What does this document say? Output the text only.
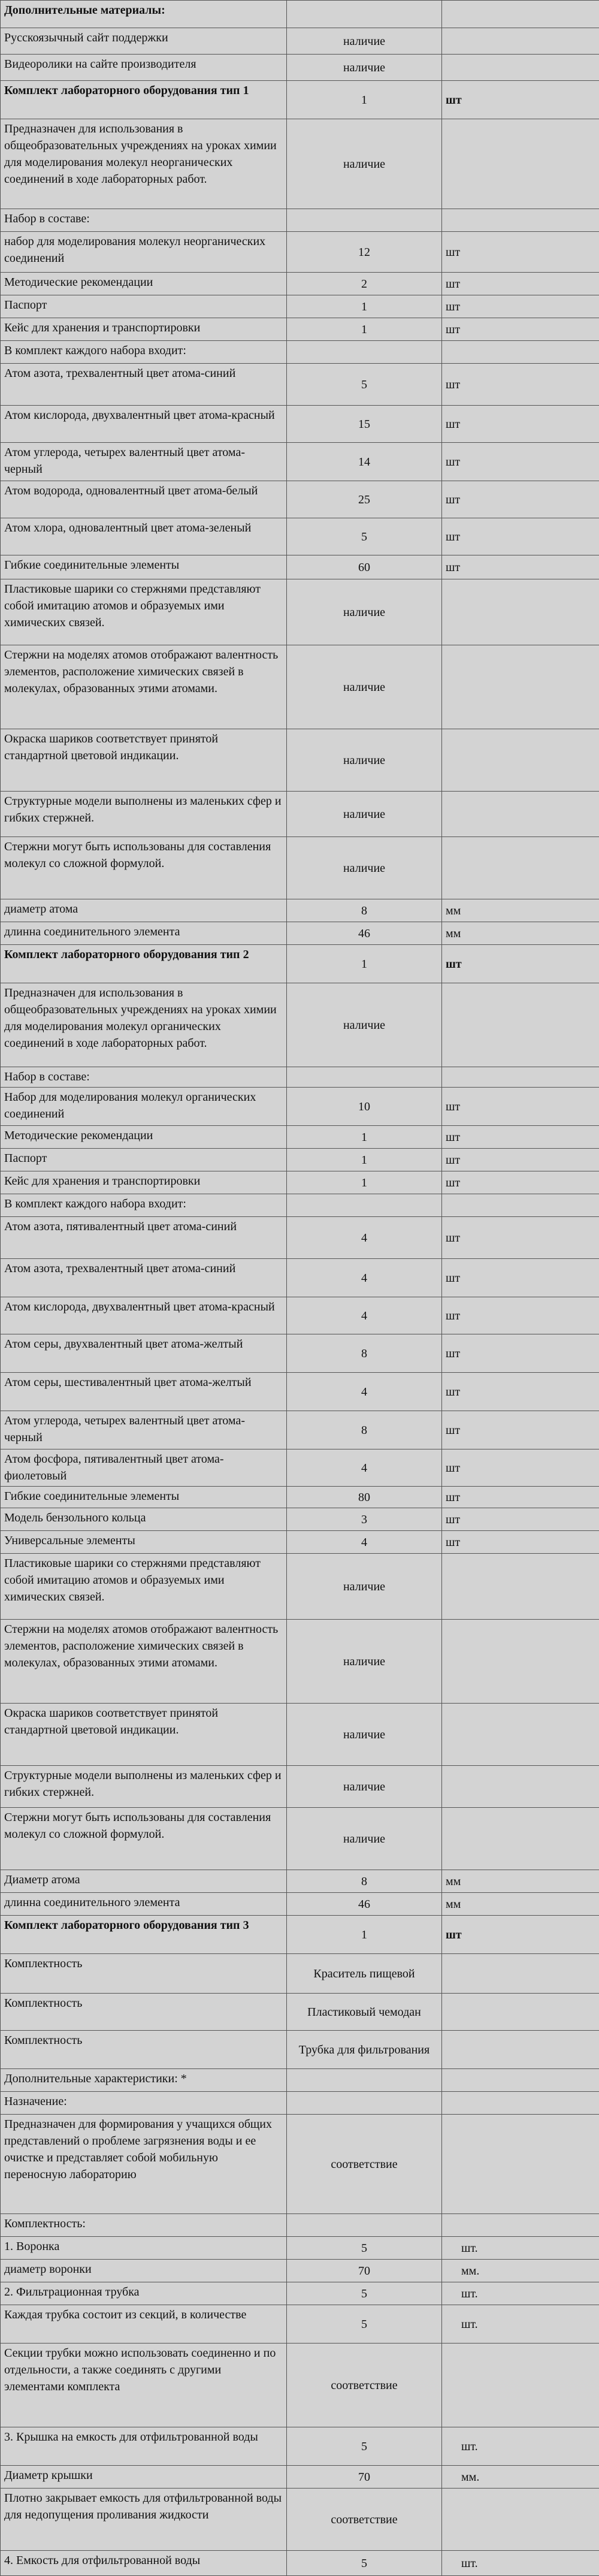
Дополнительные материалы:		
Русскоязычный сайт поддержки	наличие	
Видеоролики на сайте производителя	наличие	
Комплект лабораторного оборудования тип 1	1	шт
Предназначен для использования в общеобразовательных учреждениях на уроках химии для моделирования молекул неорганических соединений в ходе лабораторных работ.	наличие	
Набор в составе:		
набор для моделирования молекул неорганических соединений	12	шт
Методические рекомендации	2	шт
Паспорт	1	шт
Кейс для хранения и транспортировки	1	шт
В комплект каждого набора входит:		
Атом азота, трехвалентный цвет атома-синий	5	шт
Атом кислорода, двухвалентный цвет атома-красный	15	шт
Атом углерода, четырех валентный цвет атома- черный	14	шт
Атом водорода, одновалентный цвет атома-белый	25	шт
Атом хлора, одновалентный цвет атома-зеленый	5	шт
Гибкие соединительные элементы	60	шт
Пластиковые шарики со стержнями представляют собой имитацию атомов и образуемых ими химических связей.	наличие	
Стержни на моделях атомов отображают валентность элементов, расположение химических связей в молекулах, образованных этими атомами.	наличие	
Окраска шариков соответствует принятой стандартной цветовой индикации.	наличие	
Структурные модели выполнены из маленьких сфер и гибких стержней.	наличие	
Стержни могут быть использованы для составления молекул со сложной формулой.	наличие	
диаметр атома	8	мм
длинна соединительного элемента	46	мм
Комплект лабораторного оборудования тип 2	1	шт
Предназначен для использования в общеобразовательных учреждениях на уроках химии для моделирования молекул органических соединений в ходе лабораторных работ.	наличие	
Набор в составе:		
Набор для моделирования молекул органических соединений	10	шт
Методические рекомендации	1	шт
Паспорт	1	шт
Кейс для хранения и транспортировки	1	шт
В комплект каждого набора входит:		
Атом азота, пятивалентный цвет атома-синий	4	шт
Атом азота, трехвалентный цвет атома-синий	4	шт
Атом кислорода, двухвалентный цвет атома-красный	4	шт
Атом серы, двухвалентный цвет атома-желтый	8	шт
Атом серы, шестивалентный цвет атома-желтый	4	шт
Атом углерода, четырех валентный цвет атома- черный	8	шт
Атом фосфора, пятивалентный цвет атома-фиолетовый	4	шт
Гибкие соединительные элементы	80	шт
Модель бензольного кольца	3	шт
Универсальные элементы	4	шт
Пластиковые шарики со стержнями представляют собой имитацию атомов и образуемых ими химических связей.	наличие	
Стержни на моделях атомов отображают валентность элементов, расположение химических связей в молекулах, образованных этими атомами.	наличие	
Окраска шариков соответствует принятой стандартной цветовой индикации.	наличие	
Структурные модели выполнены из маленьких сфер и гибких стержней.	наличие	
Стержни могут быть использованы для составления молекул со сложной формулой.	наличие	
Диаметр атома	8	мм
длинна соединительного элемента	46	мм
Комплект лабораторного оборудования тип 3	1	шт
Комплектность	Краситель пищевой	
Комплектность	Пластиковый чемодан	
Комплектность	Трубка для фильтрования	
Дополнительные характеристики: *		
Назначение:		
Предназначен для формирования у учащихся общих представлений о проблеме загрязнения воды и ее очистке и представляет собой мобильную переносную лабораторию	соответствие	
Комплектность:		
1. Воронка	5	шт.
диаметр воронки	70	мм.
2. Фильтрационная трубка	5	шт.
Каждая трубка состоит из секций, в количестве	5	шт.
Секции трубки можно использовать соединенно и по отдельности, а также соединять с другими элементами комплекта	соответствие	
3. Крышка на емкость для отфильтрованной воды	5	шт.
Диаметр крышки	70	мм.
Плотно закрывает емкость для отфильтрованной воды для недопущения проливания жидкости	соответствие	
4. Емкость для отфильтрованной воды	5	шт.
